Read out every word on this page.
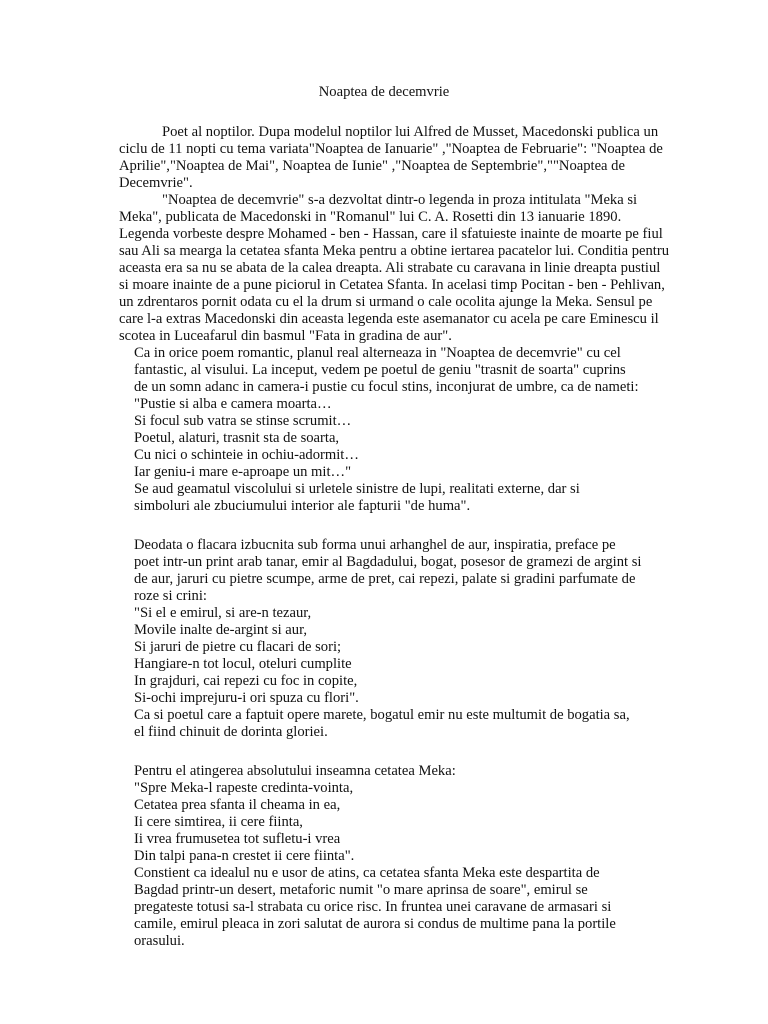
Noaptea de decemvrie

Poet al noptilor. Dupa modelul noptilor lui Alfred de Musset, Macedonski publica un

ciclu de 11 nopti cu tema variata"Noaptea de Ianuarie" ,"Noaptea de Februarie": "Noaptea de

Aprilie","Noaptea de Mai", Noaptea de Iunie" ,"Noaptea de Septembrie",""Noaptea de

Decemvrie".

"Noaptea de decemvrie" s-a dezvoltat dintr-o legenda in proza intitulata "Meka si

Meka", publicata de Macedonski in "Romanul" lui C. A. Rosetti din 13 ianuarie 1890.

Legenda vorbeste despre Mohamed - ben - Hassan, care il sfatuieste inainte de moarte pe fiul

sau Ali sa mearga la cetatea sfanta Meka pentru a obtine iertarea pacatelor lui. Conditia pentru

aceasta era sa nu se abata de la calea dreapta. Ali strabate cu caravana in linie dreapta pustiul

si moare inainte de a pune piciorul in Cetatea Sfanta. In acelasi timp Pocitan - ben - Pehlivan,

un zdrentaros pornit odata cu el la drum si urmand o cale ocolita ajunge la Meka. Sensul pe

care l-a extras Macedonski din aceasta legenda este asemanator cu acela pe care Eminescu il

scotea in Luceafarul din basmul "Fata in gradina de aur".

Ca in orice poem romantic, planul real alterneaza in "Noaptea de decemvrie" cu cel

fantastic, al visului. La inceput, vedem pe poetul de geniu "trasnit de soarta" cuprins

de un somn adanc in camera-i pustie cu focul stins, inconjurat de umbre, ca de nameti:

"Pustie si alba e camera moarta…

Si focul sub vatra se stinse scrumit…

Poetul, alaturi, trasnit sta de soarta,

Cu nici o schinteie in ochiu-adormit…

Iar geniu-i mare e-aproape un mit…"

Se aud geamatul viscolului si urletele sinistre de lupi, realitati externe, dar si

simboluri ale zbuciumului interior ale fapturii "de huma".

Deodata o flacara izbucnita sub forma unui arhanghel de aur, inspiratia, preface pe

poet intr-un print arab tanar, emir al Bagdadului, bogat, posesor de gramezi de argint si

de aur, jaruri cu pietre scumpe, arme de pret, cai repezi, palate si gradini parfumate de

roze si crini:

"Si el e emirul, si are-n tezaur,

Movile inalte de-argint si aur,

Si jaruri de pietre cu flacari de sori;

Hangiare-n tot locul, oteluri cumplite

In grajduri, cai repezi cu foc in copite,

Si-ochi imprejuru-i ori spuza cu flori".

Ca si poetul care a faptuit opere marete, bogatul emir nu este multumit de bogatia sa,

el fiind chinuit de dorinta gloriei.

Pentru el atingerea absolutului inseamna cetatea Meka:

"Spre Meka-l rapeste credinta-vointa,

Cetatea prea sfanta il cheama in ea,

Ii cere simtirea, ii cere fiinta,

Ii vrea frumusetea tot sufletu-i vrea

Din talpi pana-n crestet ii cere fiinta".

Constient ca idealul nu e usor de atins, ca cetatea sfanta Meka este despartita de

Bagdad printr-un desert, metaforic numit "o mare aprinsa de soare", emirul se

pregateste totusi sa-l strabata cu orice risc. In fruntea unei caravane de armasari si

camile, emirul pleaca in zori salutat de aurora si condus de multime pana la portile

orasului.
